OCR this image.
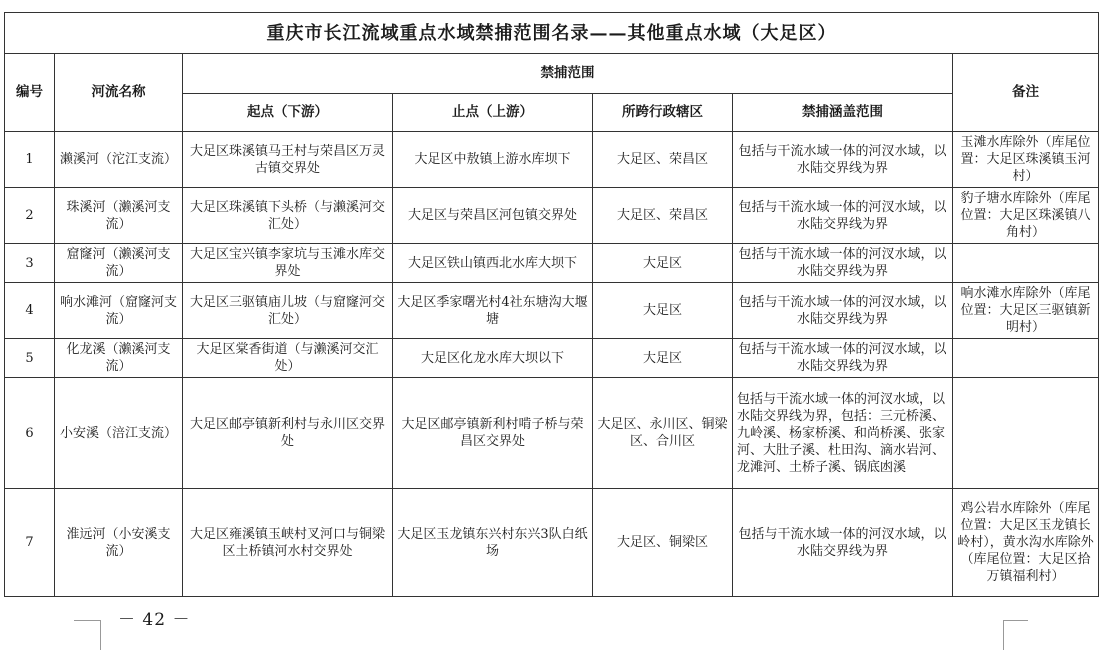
重庆市长江流域重点水域禁捕范围名录——其他重点水域（大足区）						
编号	河流名称	禁捕范围				备注
		起点（下游）	止点（上游）	所跨行政辖区	禁捕涵盖范围	
1	濑溪河（沱江支流）	大足区珠溪镇马王村与荣昌区万灵古镇交界处	大足区中敖镇上游水库坝下	大足区、荣昌区	包括与干流水域一体的河汊水域，以水陆交界线为界	玉滩水库除外（库尾位置：大足区珠溪镇玉河村）
2	珠溪河（濑溪河支流）	大足区珠溪镇下头桥（与濑溪河交汇处）	大足区与荣昌区河包镇交界处	大足区、荣昌区	包括与干流水域一体的河汊水域，以水陆交界线为界	豹子塘水库除外（库尾位置：大足区珠溪镇八角村）
3	窟窿河（濑溪河支流）	大足区宝兴镇李家坑与玉滩水库交界处	大足区铁山镇西北水库大坝下	大足区	包括与干流水域一体的河汊水域，以水陆交界线为界	
4	响水滩河（窟窿河支流）	大足区三驱镇庙儿坡（与窟窿河交汇处）	大足区季家曙光村4社东塘沟大堰塘	大足区	包括与干流水域一体的河汊水域，以水陆交界线为界	响水滩水库除外（库尾位置：大足区三驱镇新明村）
5	化龙溪（濑溪河支流）	大足区棠香街道（与濑溪河交汇处）	大足区化龙水库大坝以下	大足区	包括与干流水域一体的河汊水域，以水陆交界线为界	
6	小安溪（涪江支流）	大足区邮亭镇新利村与永川区交界处	大足区邮亭镇新利村啃子桥与荣昌区交界处	大足区、永川区、铜梁区、合川区	包括与干流水域一体的河汊水域，以水陆交界线为界，包括：三元桥溪、九岭溪、杨家桥溪、和尚桥溪、张家河、大肚子溪、杜田沟、滴水岩河、龙滩河、土桥子溪、锅底凼溪	
7	淮远河（小安溪支流）	大足区雍溪镇玉峡村叉河口与铜梁区土桥镇河水村交界处	大足区玉龙镇东兴村东兴3队白纸场	大足区、铜梁区	包括与干流水域一体的河汊水域，以水陆交界线为界	鸡公岩水库除外（库尾位置：大足区玉龙镇长岭村），黄水沟水库除外（库尾位置：大足区拾万镇福利村）
－ 42 －
